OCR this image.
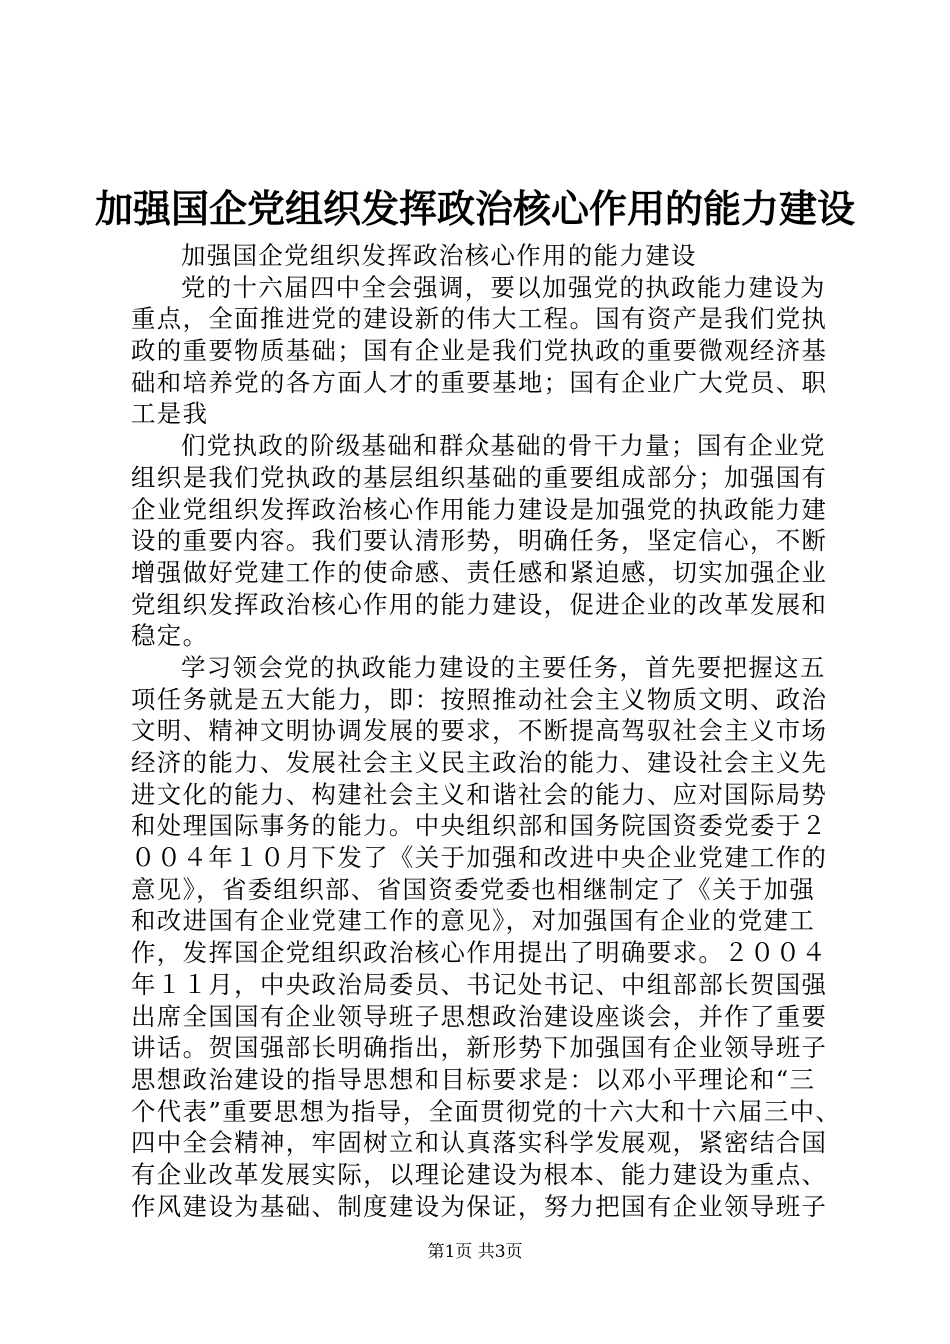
加强国企党组织发挥政治核心作用的能力建设
加强国企党组织发挥政治核心作用的能力建设
党的十六届四中全会强调，要以加强党的执政能力建设为
重点，全面推进党的建设新的伟大工程。国有资产是我们党执
政的重要物质基础；国有企业是我们党执政的重要微观经济基
础和培养党的各方面人才的重要基地；国有企业广大党员、职
工是我
们党执政的阶级基础和群众基础的骨干力量；国有企业党
组织是我们党执政的基层组织基础的重要组成部分；加强国有
企业党组织发挥政治核心作用能力建设是加强党的执政能力建
设的重要内容。我们要认清形势，明确任务，坚定信心，不断
增强做好党建工作的使命感、责任感和紧迫感，切实加强企业
党组织发挥政治核心作用的能力建设，促进企业的改革发展和
稳定。
学习领会党的执政能力建设的主要任务，首先要把握这五
项任务就是五大能力，即：按照推动社会主义物质文明、政治
文明、精神文明协调发展的要求，不断提高驾驭社会主义市场
经济的能力、发展社会主义民主政治的能力、建设社会主义先
进文化的能力、构建社会主义和谐社会的能力、应对国际局势
和处理国际事务的能力。中央组织部和国务院国资委党委于２
００４年１０月下发了《关于加强和改进中央企业党建工作的
意见》，省委组织部、省国资委党委也相继制定了《关于加强
和改进国有企业党建工作的意见》，对加强国有企业的党建工
作，发挥国企党组织政治核心作用提出了明确要求。２００４
年１１月，中央政治局委员、书记处书记、中组部部长贺国强
出席全国国有企业领导班子思想政治建设座谈会，并作了重要
讲话。贺国强部长明确指出，新形势下加强国有企业领导班子
思想政治建设的指导思想和目标要求是：以邓小平理论和“三
个代表”重要思想为指导，全面贯彻党的十六大和十六届三中、
四中全会精神，牢固树立和认真落实科学发展观，紧密结合国
有企业改革发展实际，以理论建设为根本、能力建设为重点、
作风建设为基础、制度建设为保证，努力把国有企业领导班子
第1页 共3页
